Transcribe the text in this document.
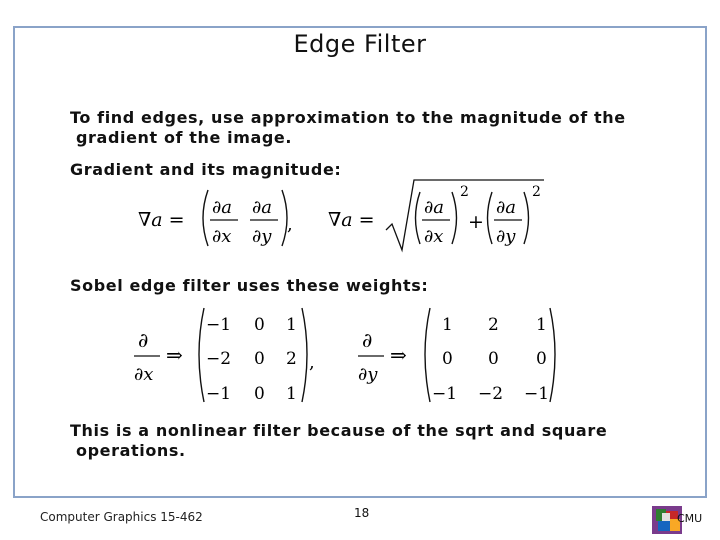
Edge Filter
To find edges, use approximation to the magnitude of the
gradient of the image.
Gradient and its magnitude:
∇a =
∂a
∂x
∂a
∂y
, ∇a =
∂a
∂x
2
+
∂a
∂y
2
Sobel edge filter uses these weights:
∂
∂x
⇒
−1 0 1
−2 0 2
−1 0 1
,
∂
∂y
⇒
1 2 1
0 0 0
−1 −2 −1
This is a nonlinear filter because of the sqrt and square
operations.
Computer Graphics 15-462	18	CMU
